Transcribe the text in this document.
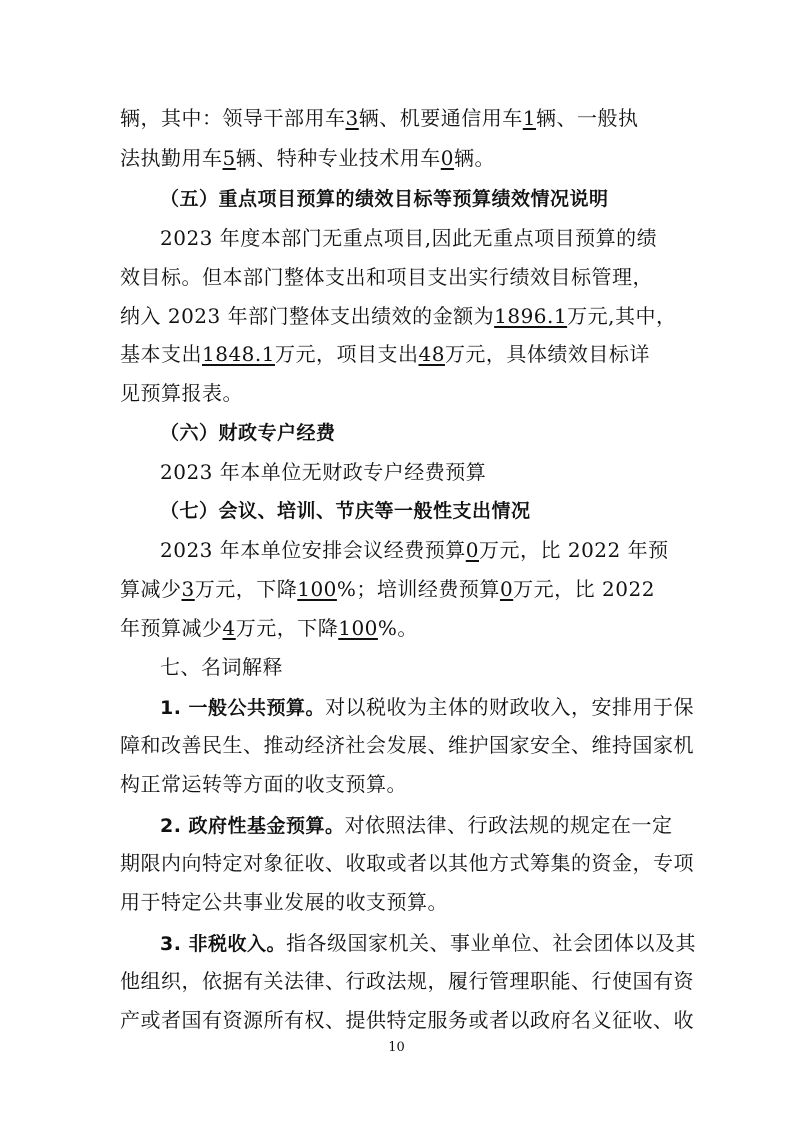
辆，其中：领导干部用车3辆、机要通信用车1辆、一般执
法执勤用车5辆、特种专业技术用车0辆。
（五）重点项目预算的绩效目标等预算绩效情况说明
2023 年度本部门无重点项目,因此无重点项目预算的绩
效目标。但本部门整体支出和项目支出实行绩效目标管理，
纳入 2023 年部门整体支出绩效的金额为1896.1万元,其中，
基本支出1848.1万元，项目支出48万元，具体绩效目标详
见预算报表。
（六）财政专户经费
2023 年本单位无财政专户经费预算
（七）会议、培训、节庆等一般性支出情况
2023 年本单位安排会议经费预算0万元，比 2022 年预
算减少3万元，下降100%；培训经费预算0万元，比 2022
年预算减少4万元，下降100%。
七、名词解释
1. 一般公共预算。对以税收为主体的财政收入，安排用于保
障和改善民生、推动经济社会发展、维护国家安全、维持国家机
构正常运转等方面的收支预算。
2. 政府性基金预算。对依照法律、行政法规的规定在一定
期限内向特定对象征收、收取或者以其他方式筹集的资金，专项
用于特定公共事业发展的收支预算。
3. 非税收入。指各级国家机关、事业单位、社会团体以及其
他组织，依据有关法律、行政法规，履行管理职能、行使国有资
产或者国有资源所有权、提供特定服务或者以政府名义征收、收
10
